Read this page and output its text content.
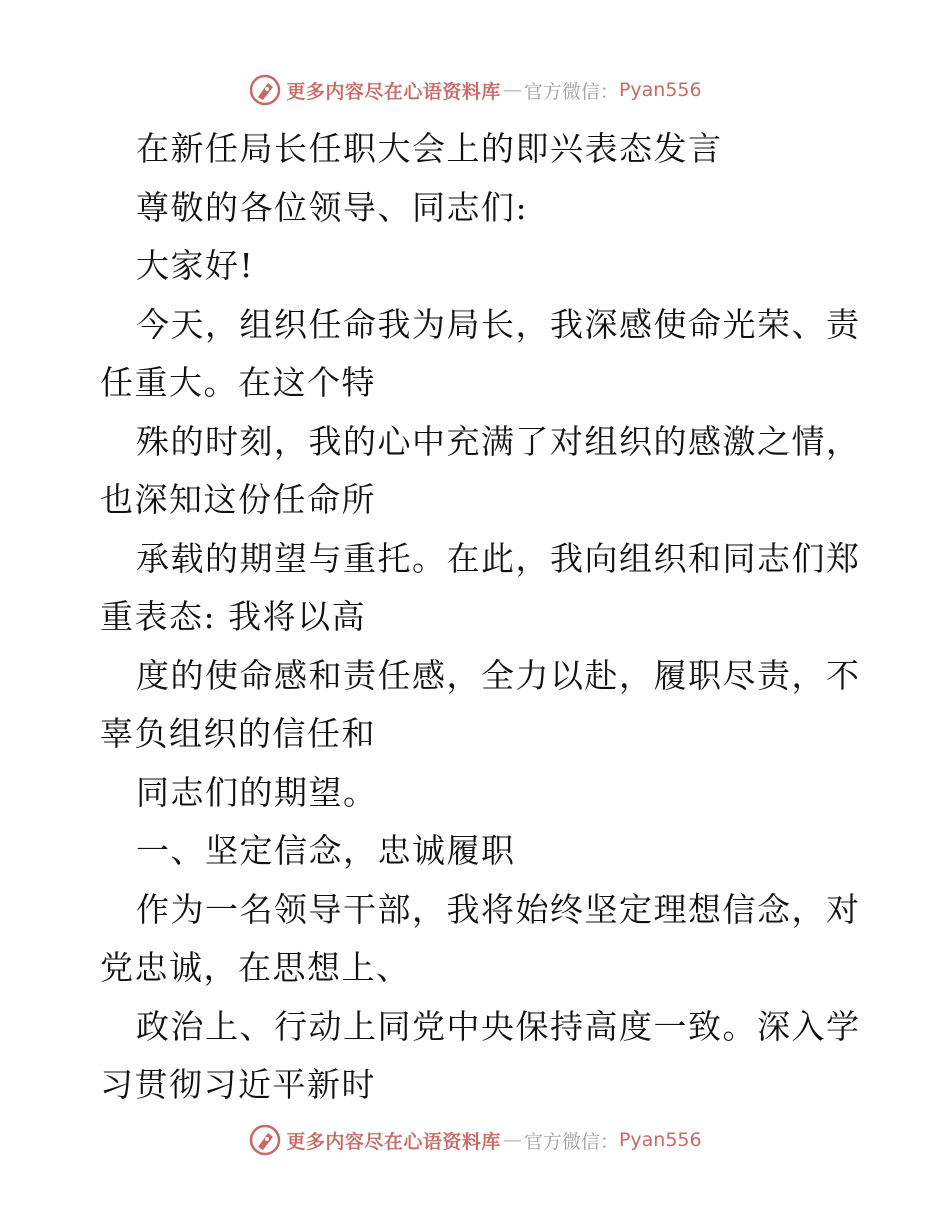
更多内容尽在心语资料库 — 官方微信： Pyan556
在新任局长任职大会上的即兴表态发言
尊敬的各位领导、同志们:
大家好!
今天，组织任命我为局长，我深感使命光荣、责
任重大。在这个特
殊的时刻，我的心中充满了对组织的感激之情，
也深知这份任命所
承载的期望与重托。在此，我向组织和同志们郑
重表态: 我将以高
度的使命感和责任感，全力以赴，履职尽责，不
辜负组织的信任和
同志们的期望。
一、坚定信念，忠诚履职
作为一名领导干部，我将始终坚定理想信念，对
党忠诚，在思想上、
政治上、行动上同党中央保持高度一致。深入学
习贯彻习近平新时
更多内容尽在心语资料库 — 官方微信： Pyan556
